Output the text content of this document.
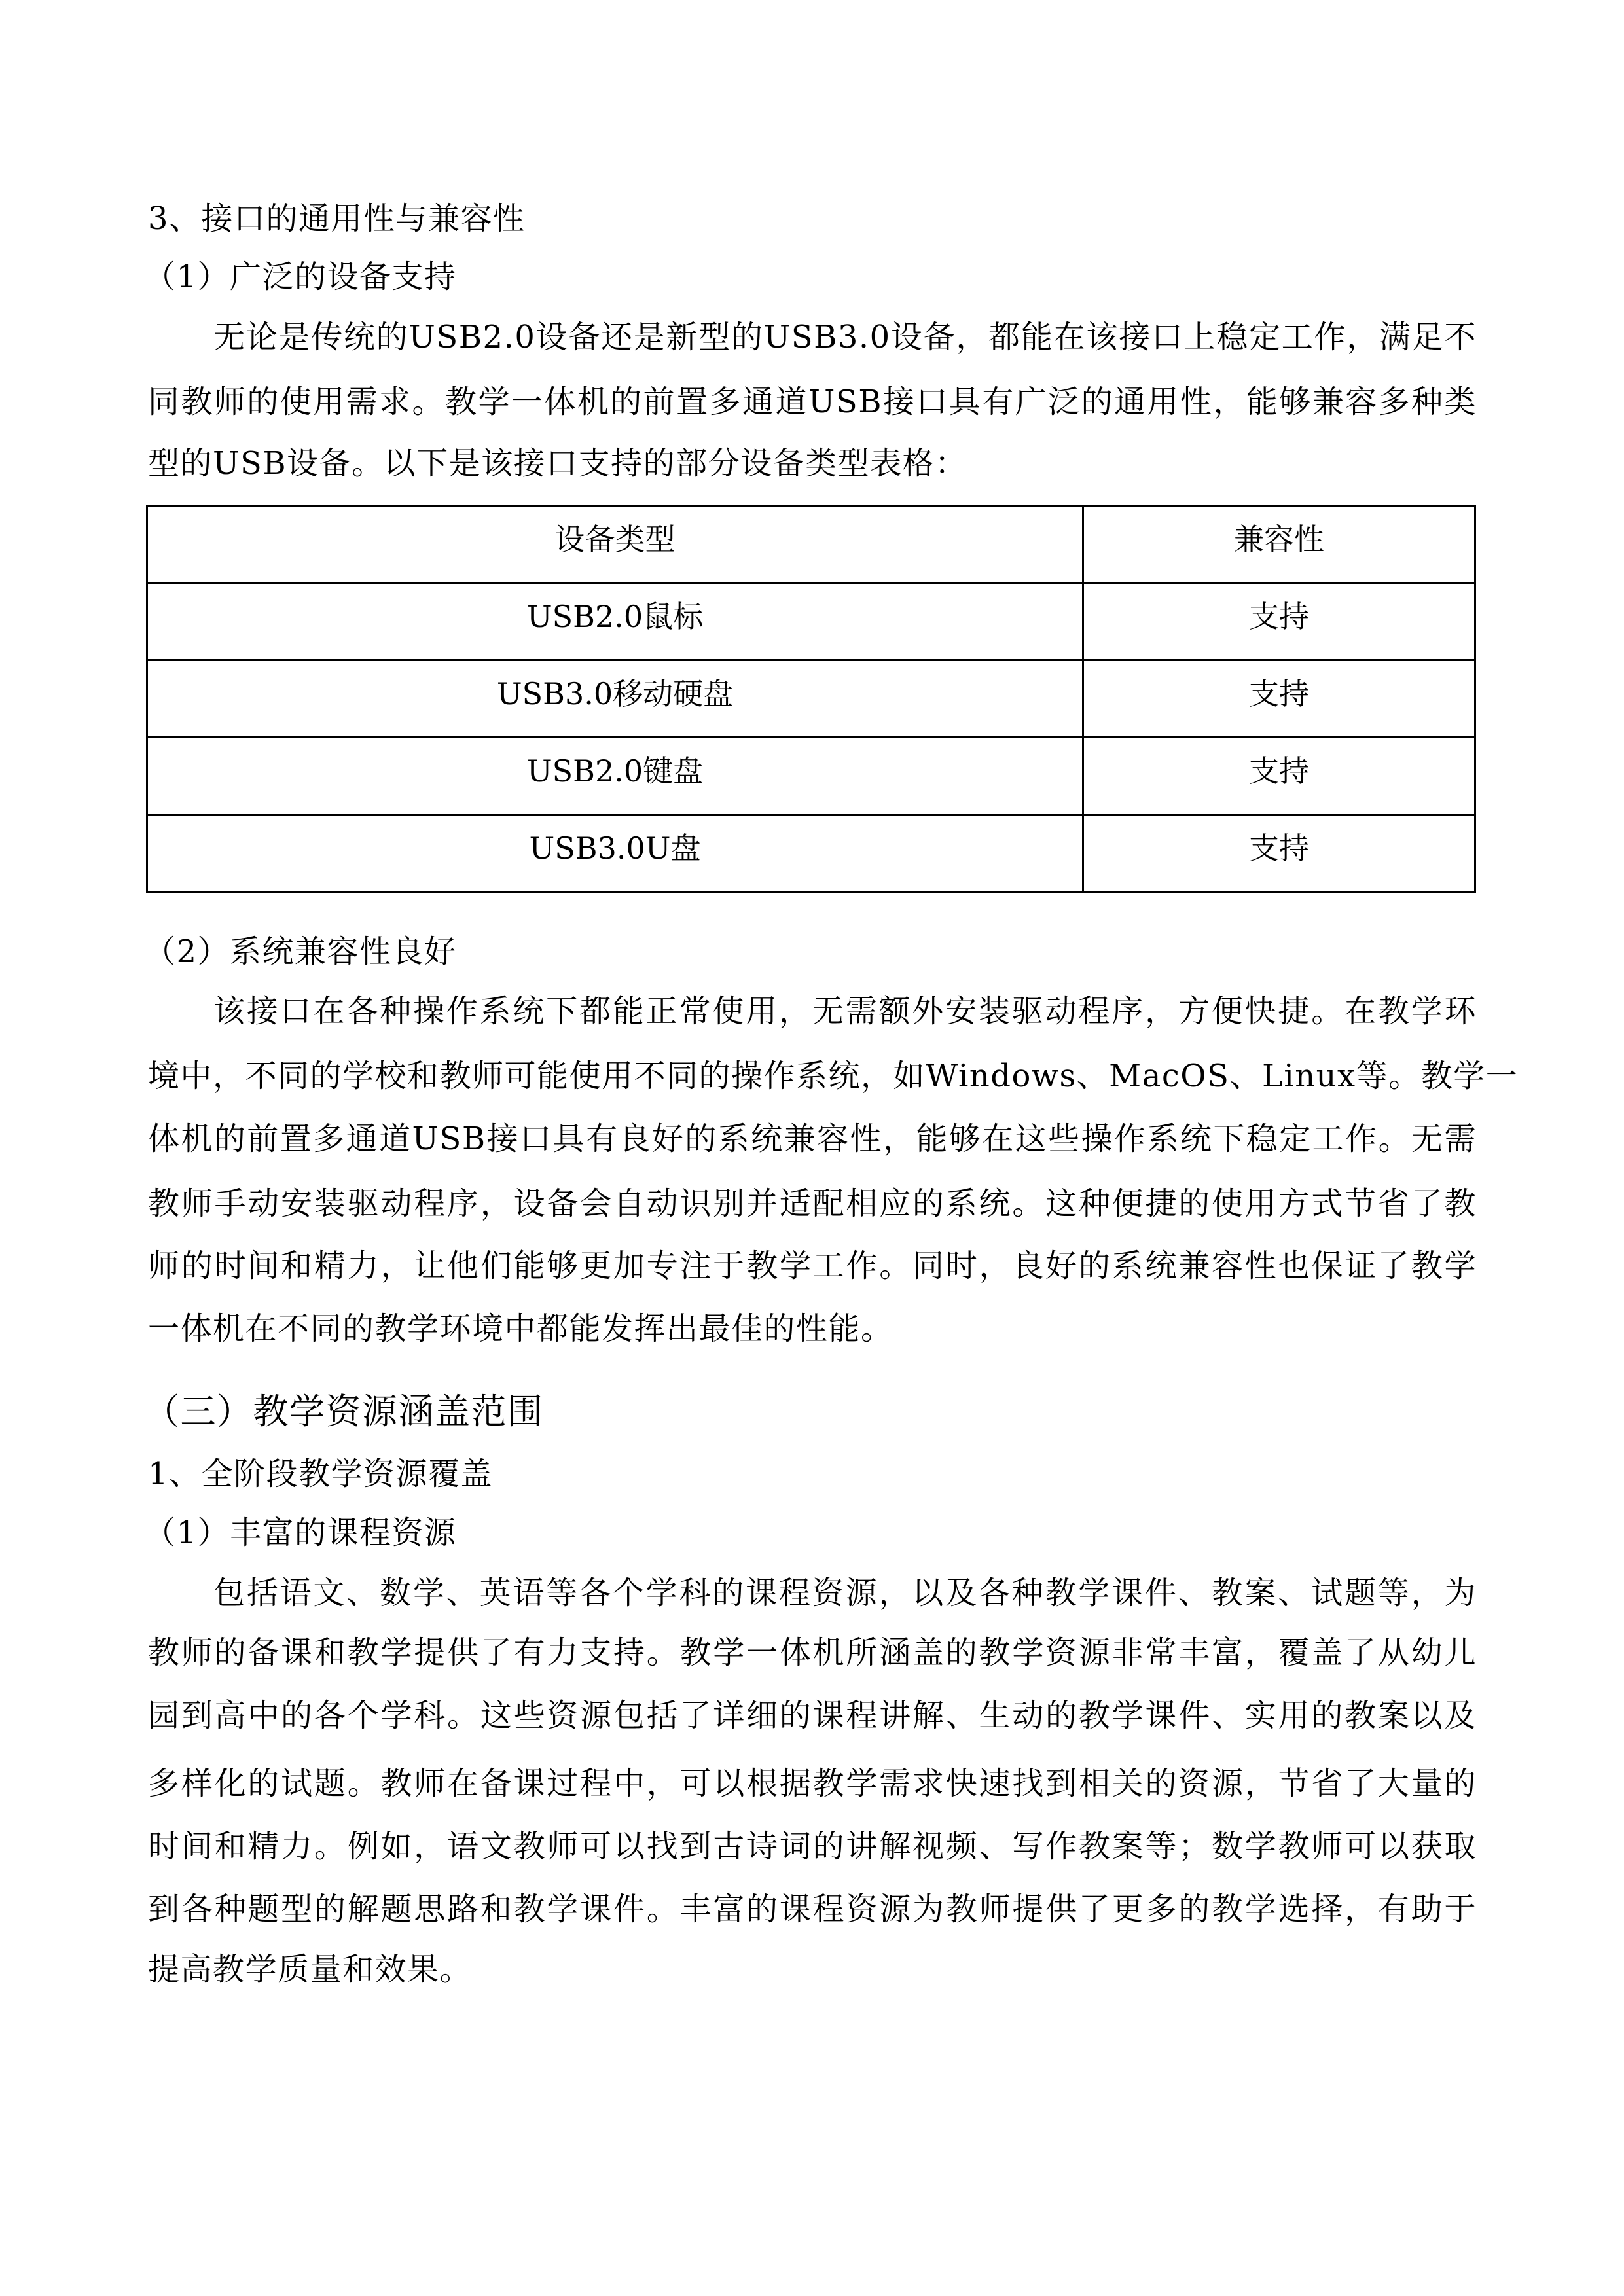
3、接口的通用性与兼容性
（1）广泛的设备支持
无论是传统的USB2.0设备还是新型的USB3.0设备，都能在该接口上稳定工作，满足不
同教师的使用需求。教学一体机的前置多通道USB接口具有广泛的通用性，能够兼容多种类
型的USB设备。以下是该接口支持的部分设备类型表格：
设备类型	兼容性
USB2.0鼠标	支持
USB3.0移动硬盘	支持
USB2.0键盘	支持
USB3.0U盘	支持
（2）系统兼容性良好
该接口在各种操作系统下都能正常使用，无需额外安装驱动程序，方便快捷。在教学环
境中，不同的学校和教师可能使用不同的操作系统，如Windows、MacOS、Linux等。教学一
体机的前置多通道USB接口具有良好的系统兼容性，能够在这些操作系统下稳定工作。无需
教师手动安装驱动程序，设备会自动识别并适配相应的系统。这种便捷的使用方式节省了教
师的时间和精力，让他们能够更加专注于教学工作。同时，良好的系统兼容性也保证了教学
一体机在不同的教学环境中都能发挥出最佳的性能。
（三）教学资源涵盖范围
1、全阶段教学资源覆盖
（1）丰富的课程资源
包括语文、数学、英语等各个学科的课程资源，以及各种教学课件、教案、试题等，为
教师的备课和教学提供了有力支持。教学一体机所涵盖的教学资源非常丰富，覆盖了从幼儿
园到高中的各个学科。这些资源包括了详细的课程讲解、生动的教学课件、实用的教案以及
多样化的试题。教师在备课过程中，可以根据教学需求快速找到相关的资源，节省了大量的
时间和精力。例如，语文教师可以找到古诗词的讲解视频、写作教案等；数学教师可以获取
到各种题型的解题思路和教学课件。丰富的课程资源为教师提供了更多的教学选择，有助于
提高教学质量和效果。
